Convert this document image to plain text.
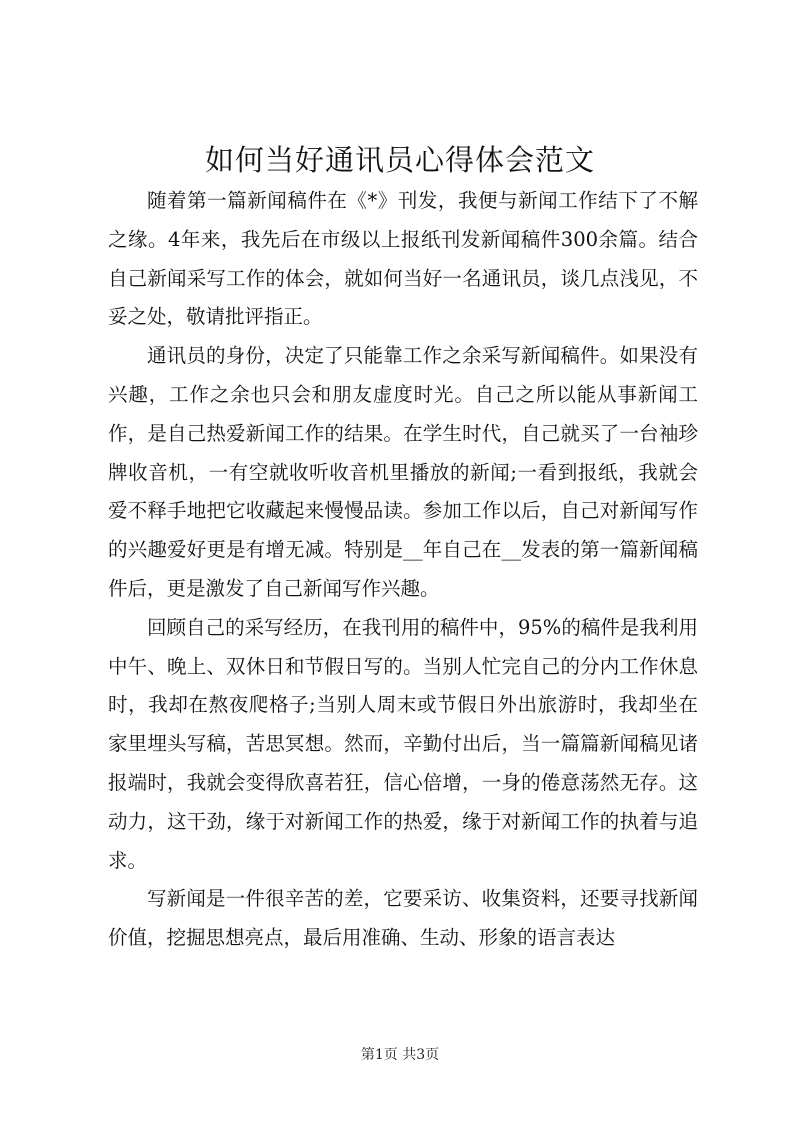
如何当好通讯员心得体会范文

随着第一篇新闻稿件在《*》刊发，我便与新闻工作结下了不解之缘。4年来，我先后在市级以上报纸刊发新闻稿件300余篇。结合自己新闻采写工作的体会，就如何当好一名通讯员，谈几点浅见，不妥之处，敬请批评指正。

通讯员的身份，决定了只能靠工作之余采写新闻稿件。如果没有兴趣，工作之余也只会和朋友虚度时光。自己之所以能从事新闻工作，是自己热爱新闻工作的结果。在学生时代，自己就买了一台袖珍牌收音机，一有空就收听收音机里播放的新闻;一看到报纸，我就会爱不释手地把它收藏起来慢慢品读。参加工作以后，自己对新闻写作的兴趣爱好更是有增无减。特别是__年自己在__发表的第一篇新闻稿件后，更是激发了自己新闻写作兴趣。

回顾自己的采写经历，在我刊用的稿件中，95%的稿件是我利用中午、晚上、双休日和节假日写的。当别人忙完自己的分内工作休息时，我却在熬夜爬格子;当别人周末或节假日外出旅游时，我却坐在家里埋头写稿，苦思冥想。然而，辛勤付出后，当一篇篇新闻稿见诸报端时，我就会变得欣喜若狂，信心倍增，一身的倦意荡然无存。这动力，这干劲，缘于对新闻工作的热爱，缘于对新闻工作的执着与追求。

写新闻是一件很辛苦的差，它要采访、收集资料，还要寻找新闻价值，挖掘思想亮点，最后用准确、生动、形象的语言表达

第1页 共3页
